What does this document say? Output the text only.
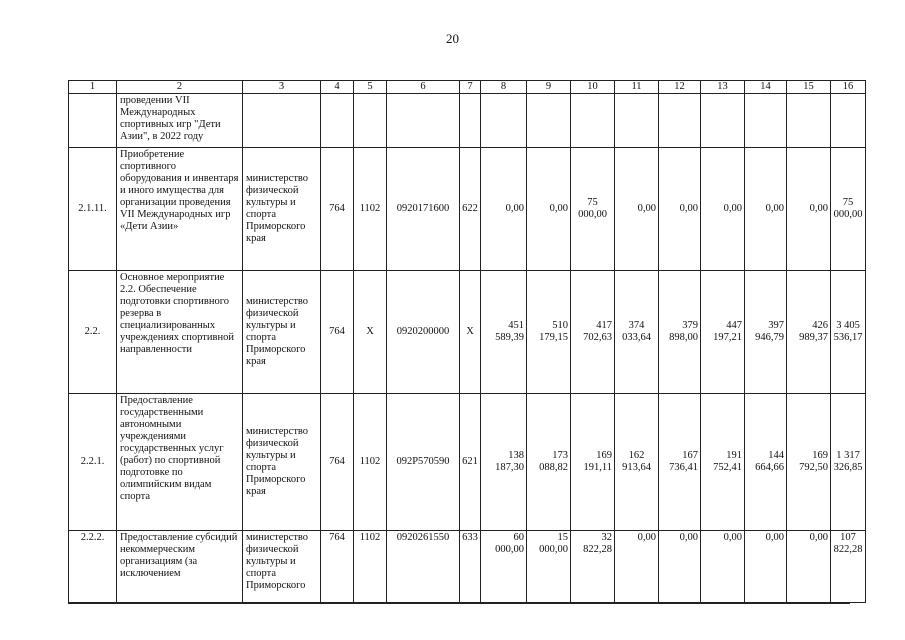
20
1	2	3	4	5	6	7	8	9	10	11	12	13	14	15	16
	проведении VII Международных спортивных игр "Дети Азии", в 2022 году														
2.1.11.	Приобретение спортивного оборудования и инвентаря и иного имущества для организации проведения VII Международных игр «Дети Азии»	министерство физической культуры и спорта Приморского края	764	1102	0920171600	622	0,00	0,00	75 000,00	0,00	0,00	0,00	0,00	0,00	75 000,00
2.2.	Основное мероприятие 2.2. Обеспечение подготовки спортивного резерва в специализированных учреждениях спортивной направленности	министерство физической культуры и спорта Приморского края	764	X	0920200000	X	451 589,39	510 179,15	417 702,63	374 033,64	379 898,00	447 197,21	397 946,79	426 989,37	3 405 536,17
2.2.1.	Предоставление государственными автономными учреждениями государственных услуг (работ) по спортивной подготовке по олимпийским видам спорта	министерство физической культуры и спорта Приморского края	764	1102	092P570590	621	138 187,30	173 088,82	169 191,11	162 913,64	167 736,41	191 752,41	144 664,66	169 792,50	1 317 326,85
2.2.2.	Предоставление субсидий некоммерческим организациям (за исключением	министерство физической культуры и спорта Приморского	764	1102	0920261550	633	60 000,00	15 000,00	32 822,28	0,00	0,00	0,00	0,00	0,00	107 822,28
